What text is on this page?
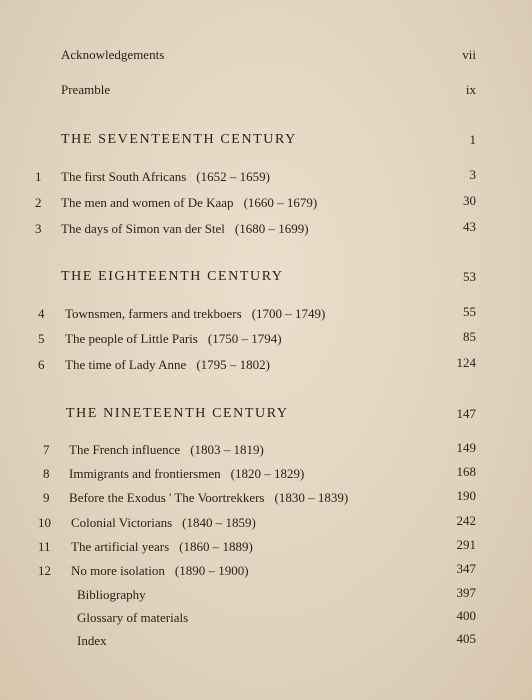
Acknowledgements	vii
Preamble	ix
THE SEVENTEENTH CENTURY	1
1 The first South Africans (1652 – 1659)	3
2 The men and women of De Kaap (1660 – 1679)	30
3 The days of Simon van der Stel (1680 – 1699)	43
THE EIGHTEENTH CENTURY	53
4 Townsmen, farmers and trekboers (1700 – 1749)	55
5 The people of Little Paris (1750 – 1794)	85
6 The time of Lady Anne (1795 – 1802)	124
THE NINETEENTH CENTURY	147
7 The French influence (1803 – 1819)	149
8 Immigrants and frontiersmen (1820 – 1829)	168
9 Before the Exodus ' The Voortrekkers (1830 – 1839)	190
10 Colonial Victorians (1840 – 1859)	242
11 The artificial years (1860 – 1889)	291
12 No more isolation (1890 – 1900)	347
Bibliography	397
Glossary of materials	400
Index	405
